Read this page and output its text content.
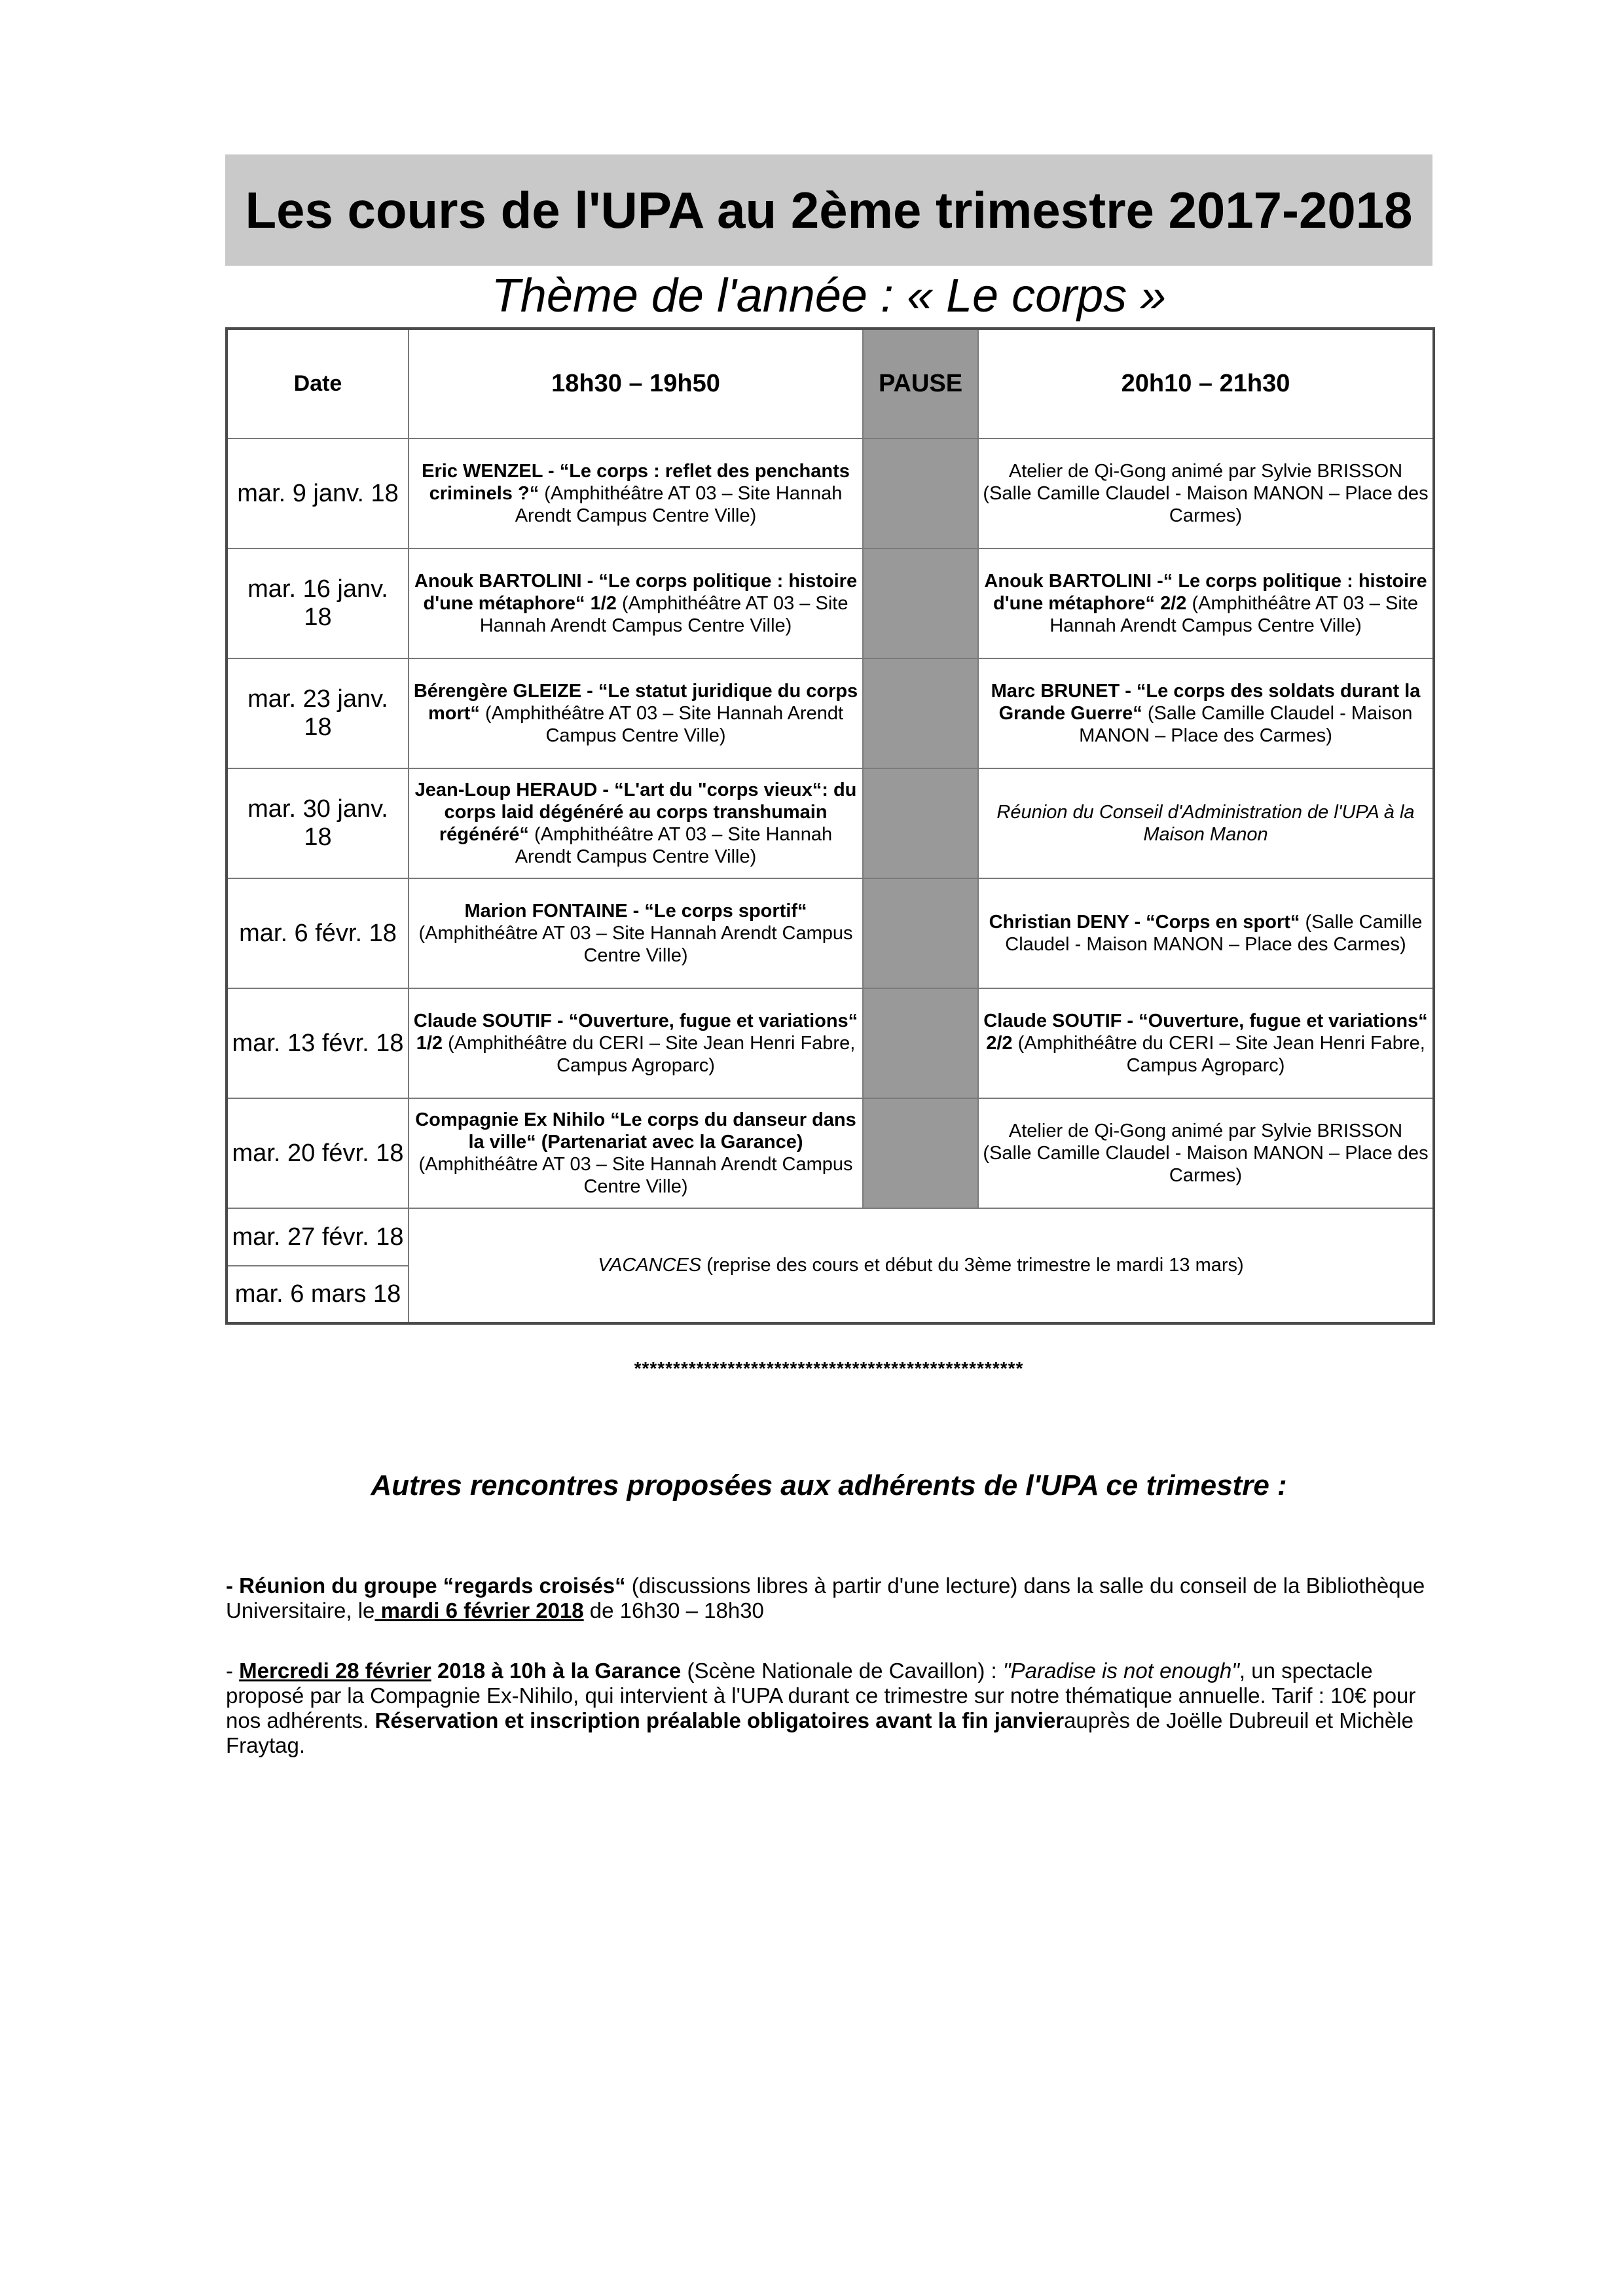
Les cours de l'UPA au 2ème trimestre 2017-2018
Thème de l'année : « Le corps »
Date	18h30 – 19h50	PAUSE	20h10 – 21h30
mar. 9 janv. 18	Eric WENZEL - “Le corps : reflet des penchants criminels ?“ (Amphithéâtre AT 03 – Site Hannah Arendt Campus Centre Ville)		Atelier de Qi-Gong animé par Sylvie BRISSON (Salle Camille Claudel - Maison MANON – Place des Carmes)
mar. 16 janv. 18	Anouk BARTOLINI - “Le corps politique : histoire d'une métaphore“ 1/2 (Amphithéâtre AT 03 – Site Hannah Arendt Campus Centre Ville)		Anouk BARTOLINI -“ Le corps politique : histoire d'une métaphore“ 2/2 (Amphithéâtre AT 03 – Site Hannah Arendt Campus Centre Ville)
mar. 23 janv. 18	Bérengère GLEIZE - “Le statut juridique du corps mort“ (Amphithéâtre AT 03 – Site Hannah Arendt Campus Centre Ville)		Marc BRUNET - “Le corps des soldats durant la Grande Guerre“ (Salle Camille Claudel - Maison MANON – Place des Carmes)
mar. 30 janv. 18	Jean-Loup HERAUD - “L'art du "corps vieux“: du corps laid dégénéré au corps transhumain régénéré“ (Amphithéâtre AT 03 – Site Hannah Arendt Campus Centre Ville)		Réunion du Conseil d'Administration de l'UPA à la Maison Manon
mar. 6 févr. 18	Marion FONTAINE - “Le corps sportif“ (Amphithéâtre AT 03 – Site Hannah Arendt Campus Centre Ville)		Christian DENY - “Corps en sport“ (Salle Camille Claudel - Maison MANON – Place des Carmes)
mar. 13 févr. 18	Claude SOUTIF - “Ouverture, fugue et variations“ 1/2 (Amphithéâtre du CERI – Site Jean Henri Fabre, Campus Agroparc)		Claude SOUTIF - “Ouverture, fugue et variations“ 2/2 (Amphithéâtre du CERI – Site Jean Henri Fabre, Campus Agroparc)
mar. 20 févr. 18	Compagnie Ex Nihilo “Le corps du danseur dans la ville“ (Partenariat avec la Garance) (Amphithéâtre AT 03 – Site Hannah Arendt Campus Centre Ville)		Atelier de Qi-Gong animé par Sylvie BRISSON (Salle Camille Claudel - Maison MANON – Place des Carmes)
mar. 27 févr. 18	VACANCES (reprise des cours et début du 3ème trimestre le mardi 13 mars)		
mar. 6 mars 18			
**************************************************
Autres rencontres proposées aux adhérents de l'UPA ce trimestre :
- Réunion du groupe “regards croisés“ (discussions libres à partir d'une lecture) dans la salle du conseil de la Bibliothèque Universitaire, le mardi 6 février 2018 de 16h30 – 18h30
- Mercredi 28 février 2018 à 10h à la Garance (Scène Nationale de Cavaillon) : "Paradise is not enough", un spectacle proposé par la Compagnie Ex-Nihilo, qui intervient à l'UPA durant ce trimestre sur notre thématique annuelle. Tarif : 10€ pour nos adhérents. Réservation et inscription préalable obligatoires avant la fin janvierauprès de Joëlle Dubreuil et Michèle Fraytag.
